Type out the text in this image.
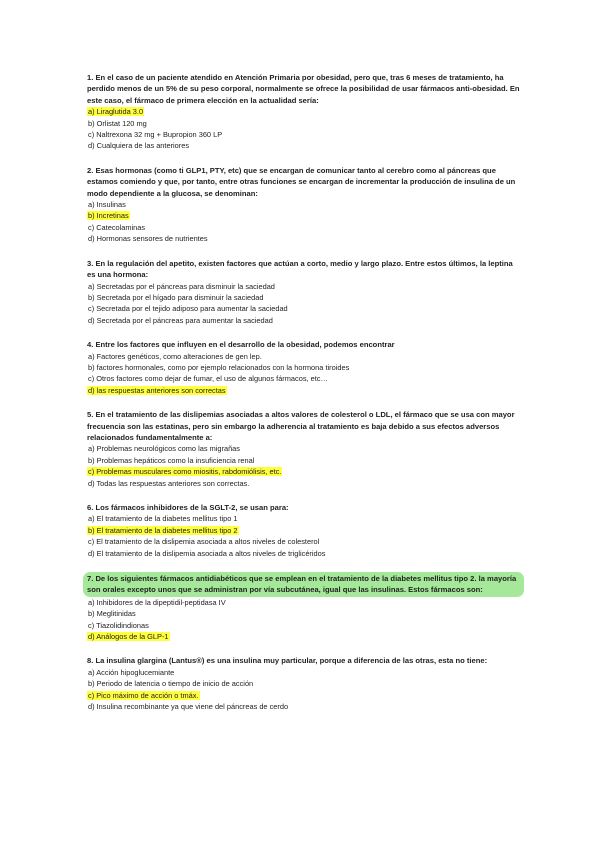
1. En el caso de un paciente atendido en Atención Primaria por obesidad, pero que, tras 6 meses de tratamiento, ha perdido menos de un 5% de su peso corporal, normalmente se ofrece la posibilidad de usar fármacos anti-obesidad. En este caso, el fármaco de primera elección en la actualidad sería:

a) Liraglutida 3.0
b) Orlistat 120 mg
c) Naltrexona 32 mg + Bupropion 360 LP
d) Cualquiera de las anteriores

2. Esas hormonas (como ti GLP1, PTY, etc) que se encargan de comunicar tanto al cerebro como al páncreas que estamos comiendo y que, por tanto, entre otras funciones se encargan de incrementar la producción de insulina de un modo dependiente a la glucosa, se denominan:

a) Insulinas
b) Incretinas
c) Catecolaminas
d) Hormonas sensores de nutrientes

3. En la regulación del apetito, existen factores que actúan a corto, medio y largo plazo. Entre estos últimos, la leptina es una hormona:

a) Secretadas por el páncreas para disminuir la saciedad
b) Secretada por el hígado para disminuir la saciedad
c) Secretada por el tejido adiposo para aumentar la saciedad
d) Secretada por el páncreas para aumentar la saciedad

4. Entre los factores que influyen en el desarrollo de la obesidad, podemos encontrar

a) Factores genéticos, como alteraciones de gen lep.
b) factores hormonales, como por ejemplo relacionados con la hormona tiroides
c) Otros factores como dejar de fumar, el uso de algunos fármacos, etc…
d) las respuestas anteriores son correctas

5. En el tratamiento de las dislipemias asociadas a altos valores de colesterol o LDL, el fármaco que se usa con mayor frecuencia son las estatinas, pero sin embargo la adherencia al tratamiento es baja debido a sus efectos adversos relacionados fundamentalmente a:

a) Problemas neurológicos como las migrañas
b) Problemas hepáticos como la insuficiencia renal
c) Problemas musculares como miositis, rabdomiólisis, etc.
d) Todas las respuestas anteriores son correctas.

6. Los fármacos inhibidores de la SGLT-2, se usan para:

a) El tratamiento de la diabetes mellitus tipo 1
b) El tratamiento de la diabetes mellitus tipo 2
c) El tratamiento de la dislipemia asociada a altos niveles de colesterol
d) El tratamiento de la dislipemia asociada a altos niveles de triglicéridos

7. De los siguientes fármacos antidiabéticos que se emplean en el tratamiento de la diabetes mellitus tipo 2. la mayoría son orales excepto unos que se administran por vía subcutánea, igual que las insulinas. Estos fármacos son:

a) Inhibidores de la dipeptidil-peptidasa IV
b) Meglitinidas
c) Tiazolidindionas
d) Análogos de la GLP-1

8. La insulina glargina (Lantus®) es una insulina muy particular, porque a diferencia de las otras, esta no tiene:

a) Acción hipoglucemiante
b) Periodo de latencia o tiempo de inicio de acción
c) Pico máximo de acción o tmáx.
d) Insulina recombinante ya que viene del páncreas de cerdo
